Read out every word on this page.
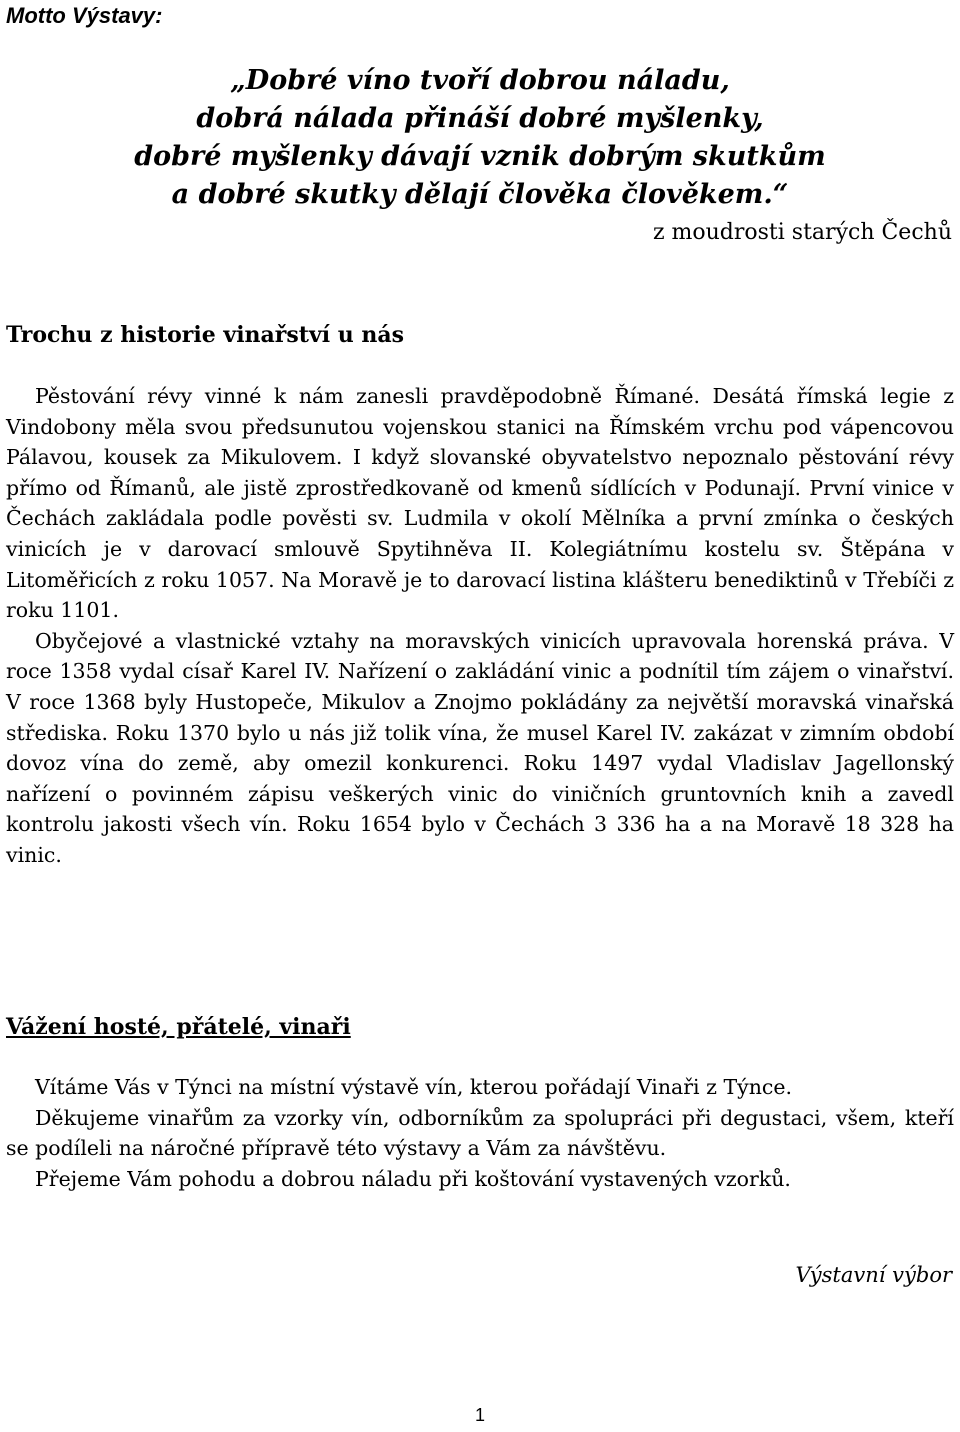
Motto Výstavy:

„Dobré víno tvoří dobrou náladu,
dobrá nálada přináší dobré myšlenky,
dobré myšlenky dávají vznik dobrým skutkům
a dobré skutky dělají člověka člověkem.“

z moudrosti starých Čechů

Trochu z historie vinařství u nás

Pěstování révy vinné k nám zanesli pravděpodobně Římané. Desátá římská legie z Vindobony měla svou předsunutou vojenskou stanici na Římském vrchu pod vápencovou Pálavou, kousek za Mikulovem. I když slovanské obyvatelstvo nepoznalo pěstování révy přímo od Římanů, ale jistě zprostředkovaně od kmenů sídlících v Podunají. První vinice v Čechách zakládala podle pověsti sv. Ludmila v okolí Mělníka a první zmínka o českých vinicích je v darovací smlouvě Spytihněva II. Kolegiátnímu kostelu sv. Štěpána v Litoměřicích z roku 1057. Na Moravě je to darovací listina klášteru benediktinů v Třebíči z roku 1101.

Obyčejové a vlastnické vztahy na moravských vinicích upravovala horenská práva. V roce 1358 vydal císař Karel IV. Nařízení o zakládání vinic a podnítil tím zájem o vinařství. V roce 1368 byly Hustopeče, Mikulov a Znojmo pokládány za největší moravská vinařská střediska. Roku 1370 bylo u nás již tolik vína, že musel Karel IV. zakázat v zimním období dovoz vína do země, aby omezil konkurenci. Roku 1497 vydal Vladislav Jagellonský nařízení o povinném zápisu veškerých vinic do viničních gruntovních knih a zavedl kontrolu jakosti všech vín. Roku 1654 bylo v Čechách 3 336 ha a na Moravě 18 328 ha vinic.

Vážení hosté, přátelé, vinaři

Vítáme Vás v Týnci na místní výstavě vín, kterou pořádají Vinaři z Týnce.

Děkujeme vinařům za vzorky vín, odborníkům za spolupráci při degustaci, všem, kteří se podíleli na náročné přípravě této výstavy a Vám za návštěvu.

Přejeme Vám pohodu a dobrou náladu při koštování vystavených vzorků.

Výstavní výbor

1
